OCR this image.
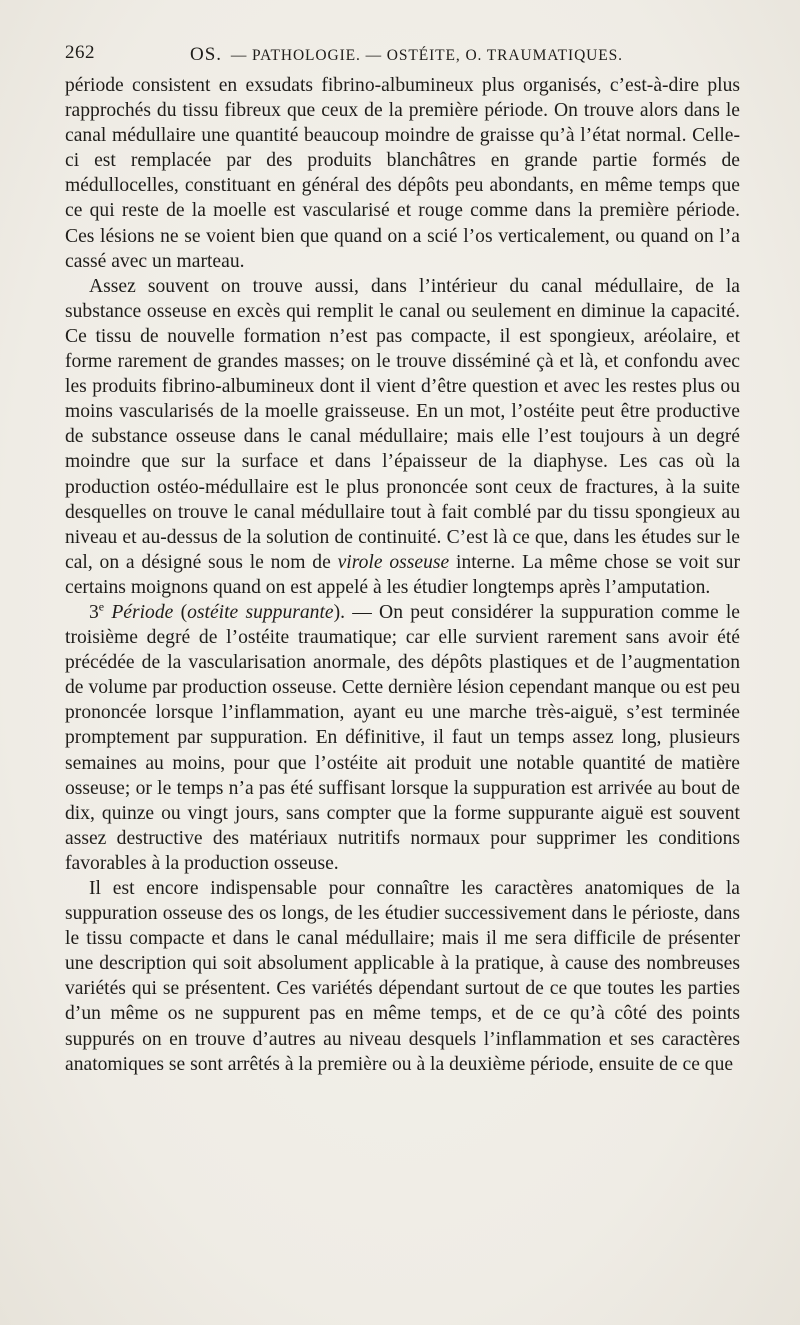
262	OS. — PATHOLOGIE. — OSTÉITE, O. TRAUMATIQUES.

période consistent en exsudats fibrino-albumineux plus organisés, c’est-à-dire plus rapprochés du tissu fibreux que ceux de la première période. On trouve alors dans le canal médullaire une quantité beaucoup moindre de graisse qu’à l’état normal. Celle-ci est remplacée par des produits blanchâtres en grande partie formés de médullocelles, constituant en général des dépôts peu abondants, en même temps que ce qui reste de la moelle est vascularisé et rouge comme dans la première période. Ces lésions ne se voient bien que quand on a scié l’os verticalement, ou quand on l’a cassé avec un marteau.

Assez souvent on trouve aussi, dans l’intérieur du canal médullaire, de la substance osseuse en excès qui remplit le canal ou seulement en diminue la capacité. Ce tissu de nouvelle formation n’est pas compacte, il est spongieux, aréolaire, et forme rarement de grandes masses; on le trouve disséminé çà et là, et confondu avec les produits fibrino-albumineux dont il vient d’être question et avec les restes plus ou moins vascularisés de la moelle graisseuse. En un mot, l’ostéite peut être productive de substance osseuse dans le canal médullaire; mais elle l’est toujours à un degré moindre que sur la surface et dans l’épaisseur de la diaphyse. Les cas où la production ostéo-médullaire est le plus prononcée sont ceux de fractures, à la suite desquelles on trouve le canal médullaire tout à fait comblé par du tissu spongieux au niveau et au-dessus de la solution de continuité. C’est là ce que, dans les études sur le cal, on a désigné sous le nom de virole osseuse interne. La même chose se voit sur certains moignons quand on est appelé à les étudier longtemps après l’amputation.

3e Période (ostéite suppurante). — On peut considérer la suppuration comme le troisième degré de l’ostéite traumatique; car elle survient rarement sans avoir été précédée de la vascularisation anormale, des dépôts plastiques et de l’augmentation de volume par production osseuse. Cette dernière lésion cependant manque ou est peu prononcée lorsque l’inflammation, ayant eu une marche très-aiguë, s’est terminée promptement par suppuration. En définitive, il faut un temps assez long, plusieurs semaines au moins, pour que l’ostéite ait produit une notable quantité de matière osseuse; or le temps n’a pas été suffisant lorsque la suppuration est arrivée au bout de dix, quinze ou vingt jours, sans compter que la forme suppurante aiguë est souvent assez destructive des matériaux nutritifs normaux pour supprimer les conditions favorables à la production osseuse.

Il est encore indispensable pour connaître les caractères anatomiques de la suppuration osseuse des os longs, de les étudier successivement dans le périoste, dans le tissu compacte et dans le canal médullaire; mais il me sera difficile de présenter une description qui soit absolument applicable à la pratique, à cause des nombreuses variétés qui se présentent. Ces variétés dépendant surtout de ce que toutes les parties d’un même os ne suppurent pas en même temps, et de ce qu’à côté des points suppurés on en trouve d’autres au niveau desquels l’inflammation et ses caractères anatomiques se sont arrêtés à la première ou à la deuxième période, ensuite de ce que
